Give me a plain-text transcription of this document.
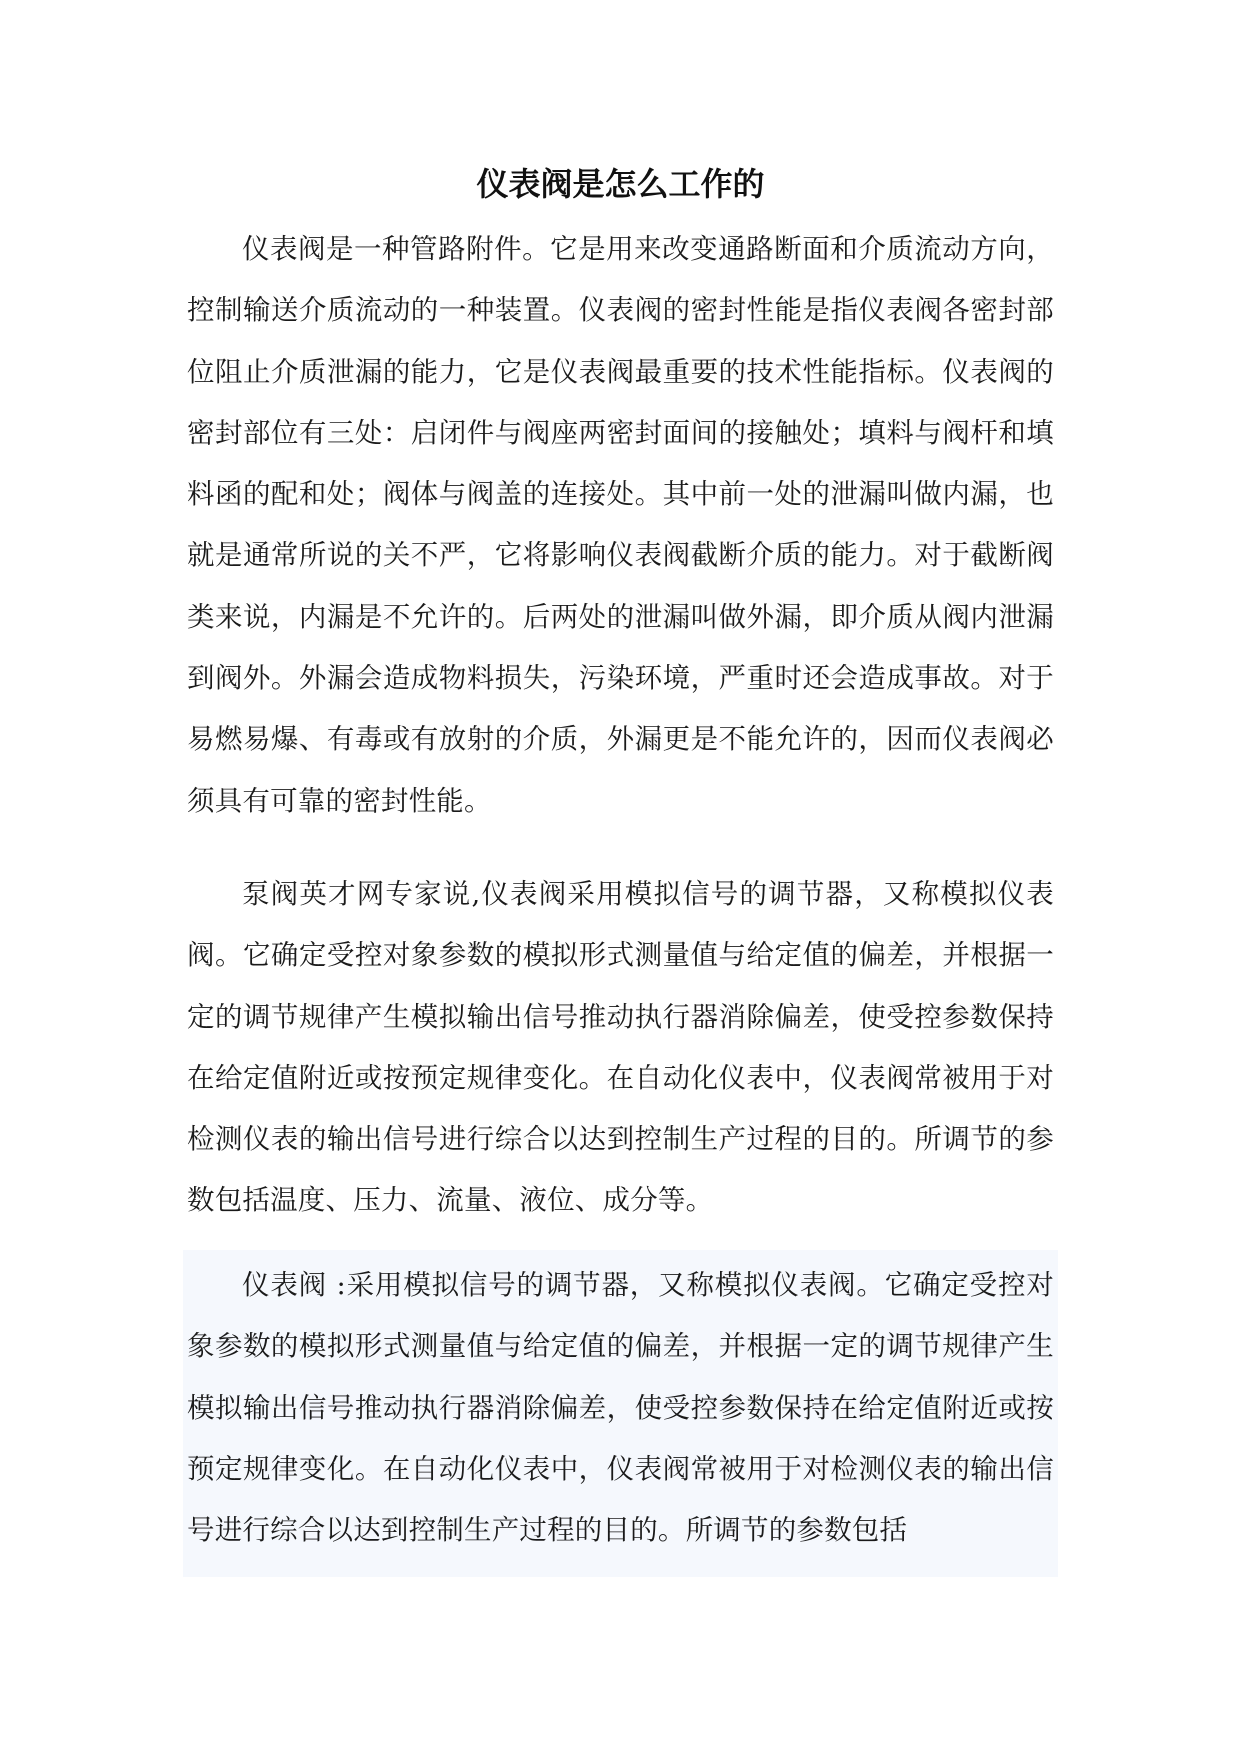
仪表阀是怎么工作的

仪表阀是一种管路附件。它是用来改变通路断面和介质流动方向，控制输送介质流动的一种装置。仪表阀的密封性能是指仪表阀各密封部位阻止介质泄漏的能力，它是仪表阀最重要的技术性能指标。仪表阀的密封部位有三处：启闭件与阀座两密封面间的接触处；填料与阀杆和填料函的配和处；阀体与阀盖的连接处。其中前一处的泄漏叫做内漏，也就是通常所说的关不严，它将影响仪表阀截断介质的能力。对于截断阀类来说，内漏是不允许的。后两处的泄漏叫做外漏，即介质从阀内泄漏到阀外。外漏会造成物料损失，污染环境，严重时还会造成事故。对于易燃易爆、有毒或有放射的介质，外漏更是不能允许的，因而仪表阀必须具有可靠的密封性能。

泵阀英才网专家说,仪表阀采用模拟信号的调节器，又称模拟仪表阀。它确定受控对象参数的模拟形式测量值与给定值的偏差，并根据一定的调节规律产生模拟输出信号推动执行器消除偏差，使受控参数保持在给定值附近或按预定规律变化。在自动化仪表中，仪表阀常被用于对检测仪表的输出信号进行综合以达到控制生产过程的目的。所调节的参数包括温度、压力、流量、液位、成分等。

仪表阀 :采用模拟信号的调节器，又称模拟仪表阀。它确定受控对象参数的模拟形式测量值与给定值的偏差，并根据一定的调节规律产生模拟输出信号推动执行器消除偏差，使受控参数保持在给定值附近或按预定规律变化。在自动化仪表中，仪表阀常被用于对检测仪表的输出信号进行综合以达到控制生产过程的目的。所调节的参数包括
